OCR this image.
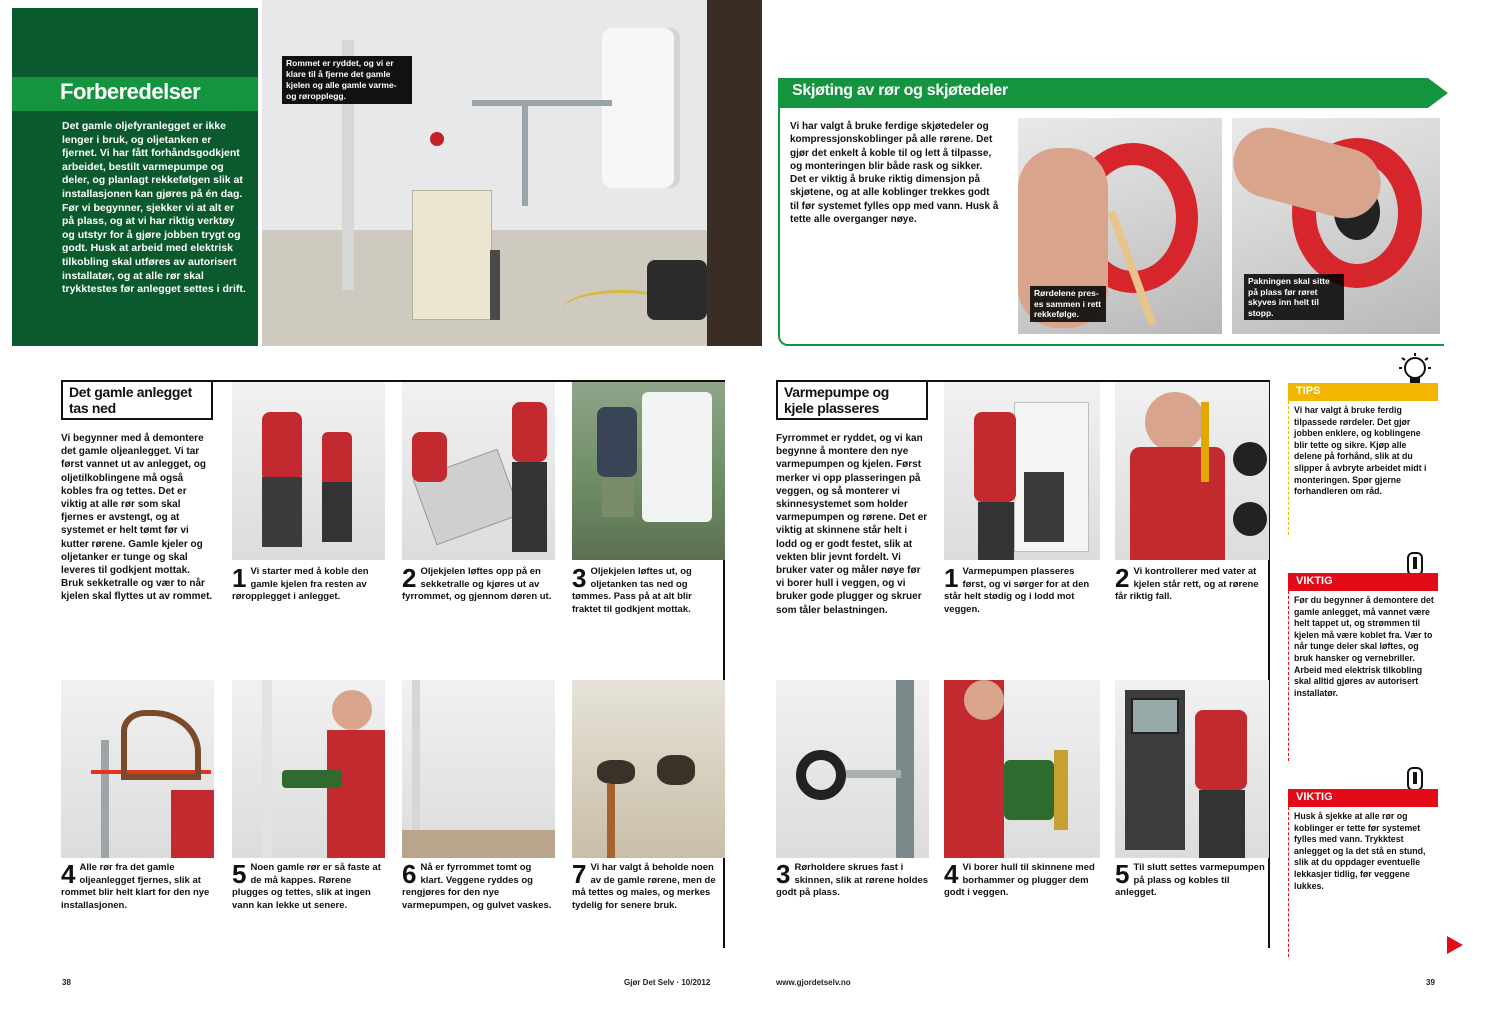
Forberedelser
Det gamle oljefyranlegget er ikke lenger i bruk, og oljetanken er fjernet. Vi har fått forhåndsgodkjent arbeidet, bestilt varmepumpe og deler, og planlagt rekkefølgen slik at installasjonen kan gjøres på én dag. Før vi begynner, sjekker vi at alt er på plass, og at vi har riktig verktøy og utstyr for å gjøre jobben trygt og godt. Husk at arbeid med elektrisk tilkobling skal utføres av autorisert installatør, og at alle rør skal trykktestes før anlegget settes i drift.
Rommet er ryddet, og vi er klare til å fjerne det gamle kjelen og alle gamle varme- og røropplegg.	Skjøting av rør og skjøtedeler
Vi har valgt å bruke ferdige skjøtedeler og kompressjonskoblinger på alle rørene. Det gjør det enkelt å koble til og lett å tilpasse, og monteringen blir både rask og sikker. Det er viktig å bruke riktig dimensjon på skjøtene, og at alle koblinger trekkes godt til før systemet fylles opp med vann. Husk å tette alle overganger nøye.
Rørdelene pres-es sammen i rett rekkefølge.
Pakningen skal sitte på plass før røret skyves inn helt til stopp.
Det gamle anlegget tas ned
Vi begynner med å demontere det gamle oljeanlegget. Vi tar først vannet ut av anlegget, og oljetilkoblingene må også kobles fra og tettes. Det er viktig at alle rør som skal fjernes er avstengt, og at systemet er helt tømt før vi kutter rørene. Gamle kjeler og oljetanker er tunge og skal leveres til godkjent mottak. Bruk sekketralle og vær to når kjelen skal flyttes ut av rommet.
1 Vi starter med å koble den gamle kjelen fra resten av røropplegget i anlegget.
2 Oljekjelen løftes opp på en sekketralle og kjøres ut av fyrrommet, og gjennom døren ut.
3 Oljekjelen løftes ut, og oljetanken tas ned og tømmes. Pass på at alt blir fraktet til godkjent mottak.
4 Alle rør fra det gamle oljeanlegget fjernes, slik at rommet blir helt klart for den nye installasjonen.
5 Noen gamle rør er så faste at de må kappes. Rørene plugges og tettes, slik at ingen vann kan lekke ut senere.
6 Nå er fyrrommet tomt og klart. Veggene ryddes og rengjøres for den nye varmepumpen, og gulvet vaskes.
7 Vi har valgt å beholde noen av de gamle rørene, men de må tettes og males, og merkes tydelig for senere bruk.
Varmepumpe og kjele plasseres
Fyrrommet er ryddet, og vi kan begynne å montere den nye varmepumpen og kjelen. Først merker vi opp plasseringen på veggen, og så monterer vi skinnesystemet som holder varmepumpen og rørene. Det er viktig at skinnene står helt i lodd og er godt festet, slik at vekten blir jevnt fordelt. Vi bruker vater og måler nøye før vi borer hull i veggen, og vi bruker gode plugger og skruer som tåler belastningen.
1 Varmepumpen plasseres først, og vi sørger for at den står helt stødig og i lodd mot veggen.
2 Vi kontrollerer med vater at kjelen står rett, og at rørene får riktig fall.
3 Rørholdere skrues fast i skinnen, slik at rørene holdes godt på plass.
4 Vi borer hull til skinnene med borhammer og plugger dem godt i veggen.
5 Til slutt settes varmepumpen på plass og kobles til anlegget.
TIPS
Vi har valgt å bruke ferdig tilpassede rørdeler. Det gjør jobben enklere, og koblingene blir tette og sikre. Kjøp alle delene på forhånd, slik at du slipper å avbryte arbeidet midt i monteringen. Spør gjerne forhandleren om råd.
VIKTIG
Før du begynner å demontere det gamle anlegget, må vannet være helt tappet ut, og strømmen til kjelen må være koblet fra. Vær to når tunge deler skal løftes, og bruk hansker og vernebriller. Arbeid med elektrisk tilkobling skal alltid gjøres av autorisert installatør.
VIKTIG
Husk å sjekke at alle rør og koblinger er tette før systemet fylles med vann. Trykktest anlegget og la det stå en stund, slik at du oppdager eventuelle lekkasjer tidlig, før veggene lukkes.
38	Gjør Det Selv · 10/2012	www.gjordetselv.no	39
